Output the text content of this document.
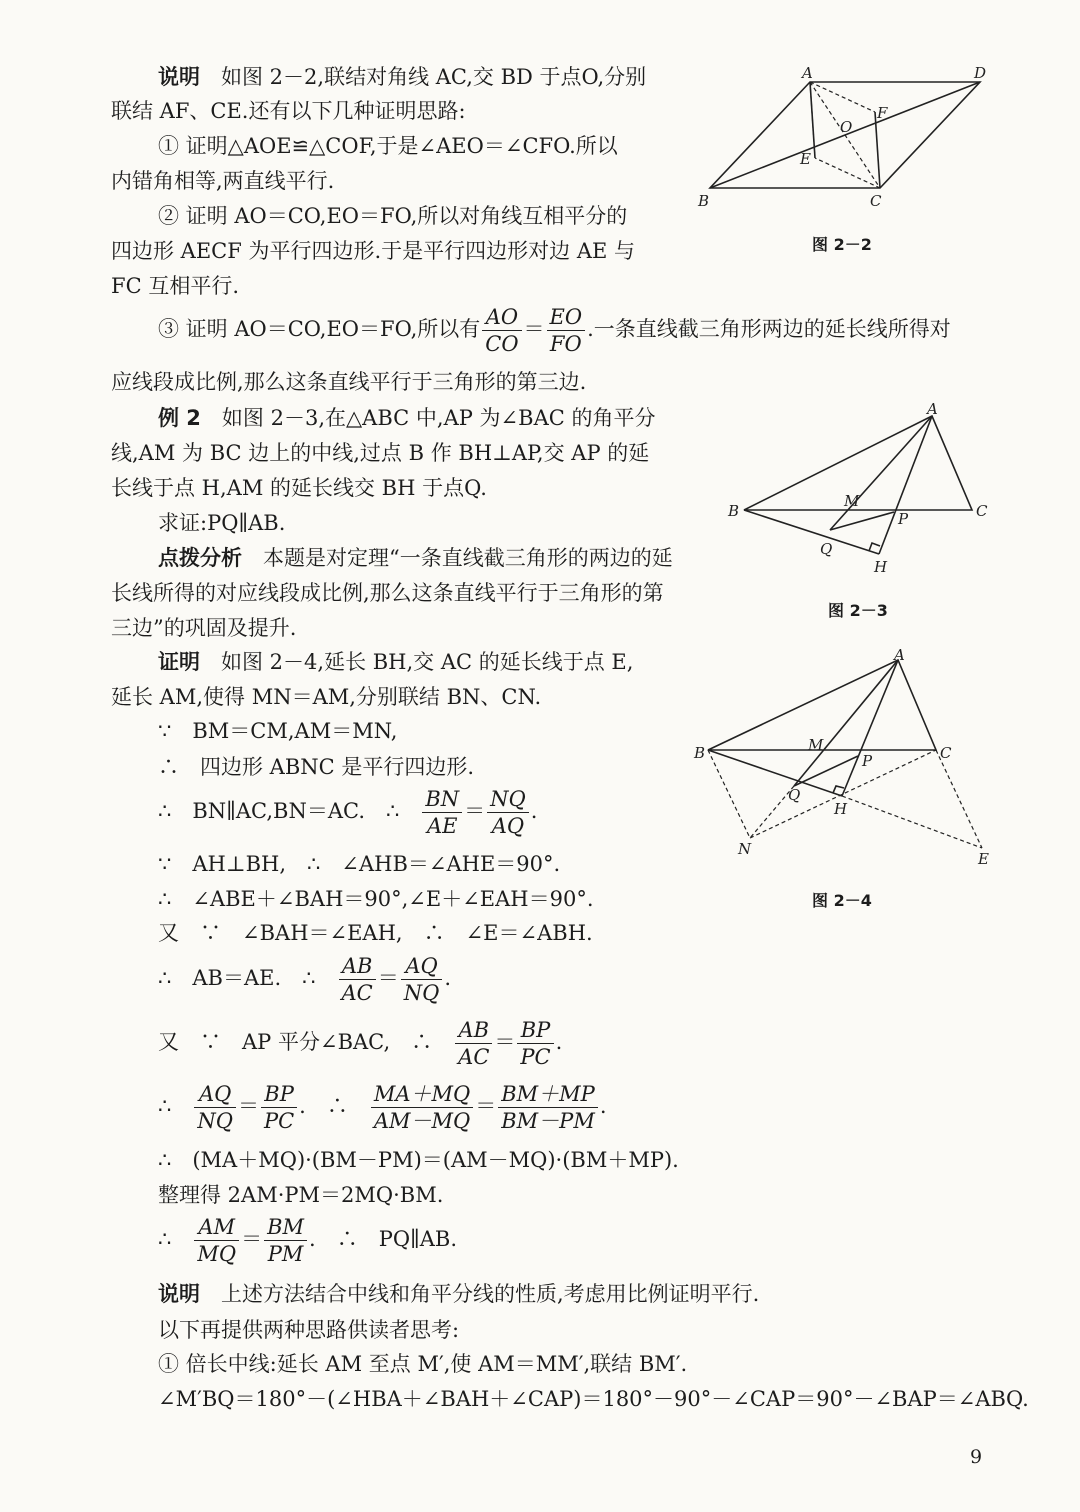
说明　如图 2－2,联结对角线 AC,交 BD 于点O,分别
联结 AF、CE.还有以下几种证明思路:
① 证明△AOE≌△COF,于是∠AEO＝∠CFO.所以
内错角相等,两直线平行.
② 证明 AO＝CO,EO＝FO,所以对角线互相平分的
四边形 AECF 为平行四边形.于是平行四边形对边 AE 与
FC 互相平行.
③ 证明 AO＝CO,EO＝FO,所以有 $\frac{AO}{CO} = \frac{EO}{FO}$ .一条直线截三角形两边的延长线所得对
应线段成比例,那么这条直线平行于三角形的第三边.
例 2　如图 2－3,在△ABC 中,AP 为∠BAC 的角平分
线,AM 为 BC 边上的中线,过点 B 作 BH⊥AP,交 AP 的延
长线于点 H,AM 的延长线交 BH 于点Q.
求证:PQ∥AB.
点拨分析　本题是对定理“一条直线截三角形的两边的延
长线所得的对应线段成比例,那么这条直线平行于三角形的第
三边”的巩固及提升.
证明　如图 2－4,延长 BH,交 AC 的延长线于点 E,
延长 AM,使得 MN＝AM,分别联结 BN、CN.
∵　BM＝CM,AM＝MN,
∴　四边形 ABNC 是平行四边形.
∴　BN∥AC,BN＝AC.　∴　 $\frac{BN}{AE} = \frac{NQ}{AQ}$ .
∵　AH⊥BH,　∴　∠AHB＝∠AHE＝90°.
∴　∠ABE＋∠BAH＝90°,∠E＋∠EAH＝90°.
又　∵　∠BAH＝∠EAH,　∴　∠E＝∠ABH.
∴　AB＝AE.　∴　 $\frac{AB}{AC} = \frac{AQ}{NQ}$ .
又　∵　AP 平分∠BAC,　∴　 $\frac{AB}{AC} = \frac{BP}{PC}$ .
∴　 $\frac{AQ}{NQ} = \frac{BP}{PC}$ .　∴　 $\frac{MA+MQ}{AM-MQ} = \frac{BM+MP}{BM-PM}$ .
∴　(MA＋MQ)·(BM－PM)＝(AM－MQ)·(BM＋MP).
整理得 2AM·PM＝2MQ·BM.
∴　 $\frac{AM}{MQ} = \frac{BM}{PM}$ .　∴　PQ∥AB.
说明　上述方法结合中线和角平分线的性质,考虑用比例证明平行.
以下再提供两种思路供读者思考:
① 倍长中线:延长 AM 至点 M′,使 AM＝MM′,联结 BM′.
∠M′BQ＝180°－(∠HBA＋∠BAH＋∠CAP)＝180°－90°－∠CAP＝90°－∠BAP＝∠ABQ.
A	D
B	C
F
O
E
图 2－2
A
B	C
M
P
Q
H
图 2－3
A
B	C
M
P
Q
H
N
E
图 2－4
9
